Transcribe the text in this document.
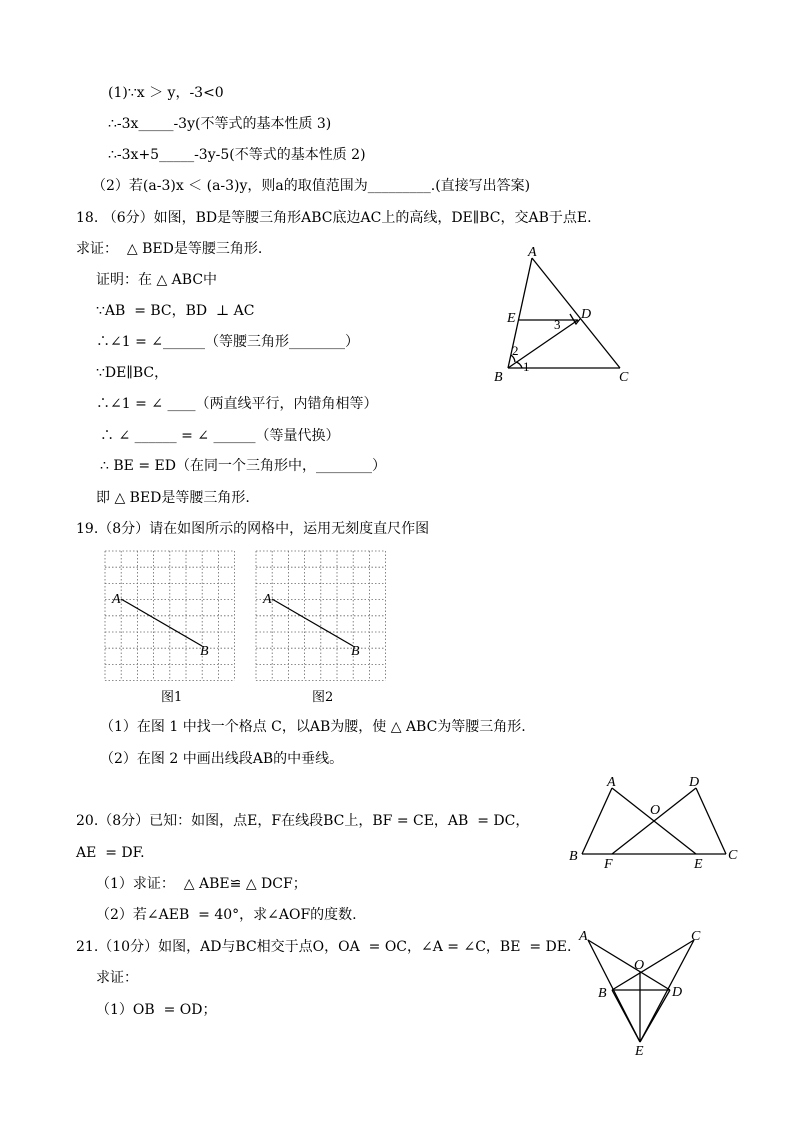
(1)∵x ＞ y，-3<0
∴-3x_____-3y(不等式的基本性质 3)
∴-3x+5_____-3y-5(不等式的基本性质 2)
（2）若(a-3)x ＜ (a-3)y，则a的取值范围为_________.(直接写出答案)
18. （6分）如图，BD是等腰三角形ABC底边AC上的高线，DE∥BC，交AB于点E.
求证：  △ BED是等腰三角形.
证明：在 △ ABC中
∵AB  = BC，BD  ⊥ AC
∴∠1 = ∠______（等腰三角形________）
∵DE∥BC，
∴∠1 = ∠ ____（两直线平行，内错角相等）
∴ ∠ ______ = ∠ ______（等量代换）
∴ BE = ED（在同一个三角形中，________）
即 △ BED是等腰三角形.
A
B	C
D
E
1
2
3
19.（8分）请在如图所示的网格中，运用无刻度直尺作图
A
B
A
B
图1	图2
（1）在图 1 中找一个格点 C，以AB为腰，使 △ ABC为等腰三角形.
（2）在图 2 中画出线段AB的中垂线。
20.（8分）已知：如图，点E，F在线段BC上，BF = CE，AB  = DC，
AE  = DF.
（1）求证：  △ ABE≌ △ DCF；
（2）若∠AEB  = 40°，求∠AOF的度数.
A
B	C
D
E
F
O
21.（10分）如图，AD与BC相交于点O，OA  = OC，∠A = ∠C，BE  = DE.
求证：
（1）OB  = OD；
A
B
C
D
E
O
